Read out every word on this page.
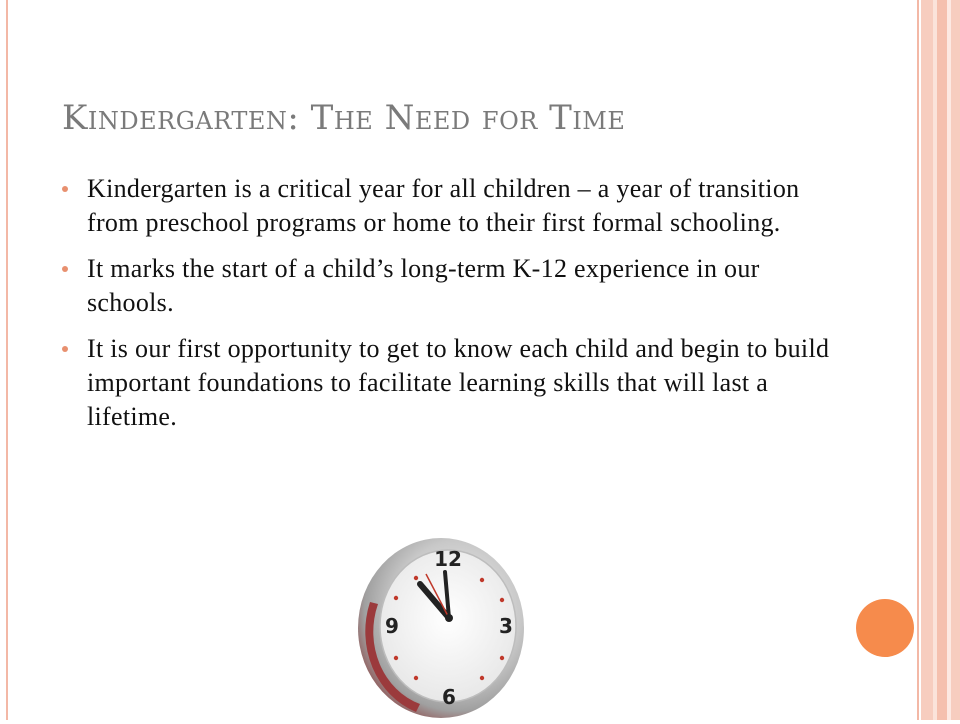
Kindergarten: The Need for Time
Kindergarten is a critical year for all children – a year of transition from preschool programs or home to their first formal schooling.
It marks the start of a child’s long-term K-12 experience in our schools.
It is our first opportunity to get to know each child and begin to build important foundations to facilitate learning skills that will last a lifetime.
12
3
6
9
